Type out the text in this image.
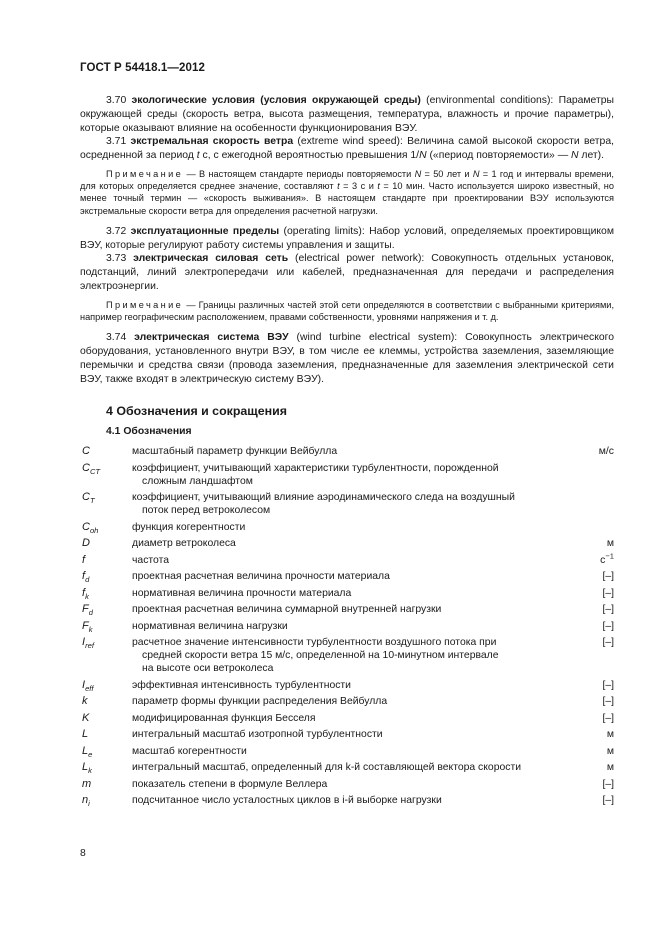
ГОСТ Р 54418.1—2012

3.70 экологические условия (условия окружающей среды) (environmental conditions): Параметры окружающей среды (скорость ветра, высота размещения, температура, влажность и прочие параметры), которые оказывают влияние на особенности функционирования ВЭУ.

3.71 экстремальная скорость ветра (extreme wind speed): Величина самой высокой скорости ветра, осредненной за период t с, с ежегодной вероятностью превышения 1/N («период повторяемости» — N лет).

Примечание — В настоящем стандарте периоды повторяемости N = 50 лет и N = 1 год и интервалы времени, для которых определяется среднее значение, составляют t = 3 с и t = 10 мин. Часто используется широко известный, но менее точный термин — «скорость выживания». В настоящем стандарте при проектировании ВЭУ используются экстремальные скорости ветра для определения расчетной нагрузки.

3.72 эксплуатационные пределы (operating limits): Набор условий, определяемых проектировщиком ВЭУ, которые регулируют работу системы управления и защиты.

3.73 электрическая силовая сеть (electrical power network): Совокупность отдельных установок, подстанций, линий электропередачи или кабелей, предназначенная для передачи и распределения электроэнергии.

Примечание — Границы различных частей этой сети определяются в соответствии с выбранными критериями, например географическим расположением, правами собственности, уровнями напряжения и т. д.

3.74 электрическая система ВЭУ (wind turbine electrical system): Совокупность электрического оборудования, установленного внутри ВЭУ, в том числе ее клеммы, устройства заземления, заземляющие перемычки и средства связи (провода заземления, предназначенные для заземления электрической сети ВЭУ, также входят в электрическую систему ВЭУ).

4 Обозначения и сокращения

4.1 Обозначения

C	масштабный параметр функции Вейбулла	м/с
$C_{CT}$	коэффициент, учитывающий характеристики турбулентности, порожденной
сложным ландшафтом	

$C_T$	коэффициент, учитывающий влияние аэродинамического следа на воздушный
поток перед ветроколесом	

$C_{oh}$	функция когерентности	

D	диаметр ветроколеса	м
f	частота	$с^{-1}$
$f_d$	проектная расчетная величина прочности материала	[–]
$f_k$	нормативная величина прочности материала	[–]
$F_d$	проектная расчетная величина суммарной внутренней нагрузки	[–]
$F_k$	нормативная величина нагрузки	[–]
$I_{ref}$	расчетное значение интенсивности турбулентности воздушного потока при
средней скорости ветра 15 м/с, определенной на 10-минутном интервале
на высоте оси ветроколеса	[–]
$I_{eff}$	эффективная интенсивность турбулентности	[–]
k	параметр формы функции распределения Вейбулла	[–]
K	модифицированная функция Бесселя	[–]
L	интегральный масштаб изотропной турбулентности	м
$L_e$	масштаб когерентности	м
$L_k$	интегральный масштаб, определенный для k-й составляющей вектора скорости	м
m	показатель степени в формуле Веллера	[–]
$n_i$	подсчитанное число усталостных циклов в i-й выборке нагрузки	[–]
8
